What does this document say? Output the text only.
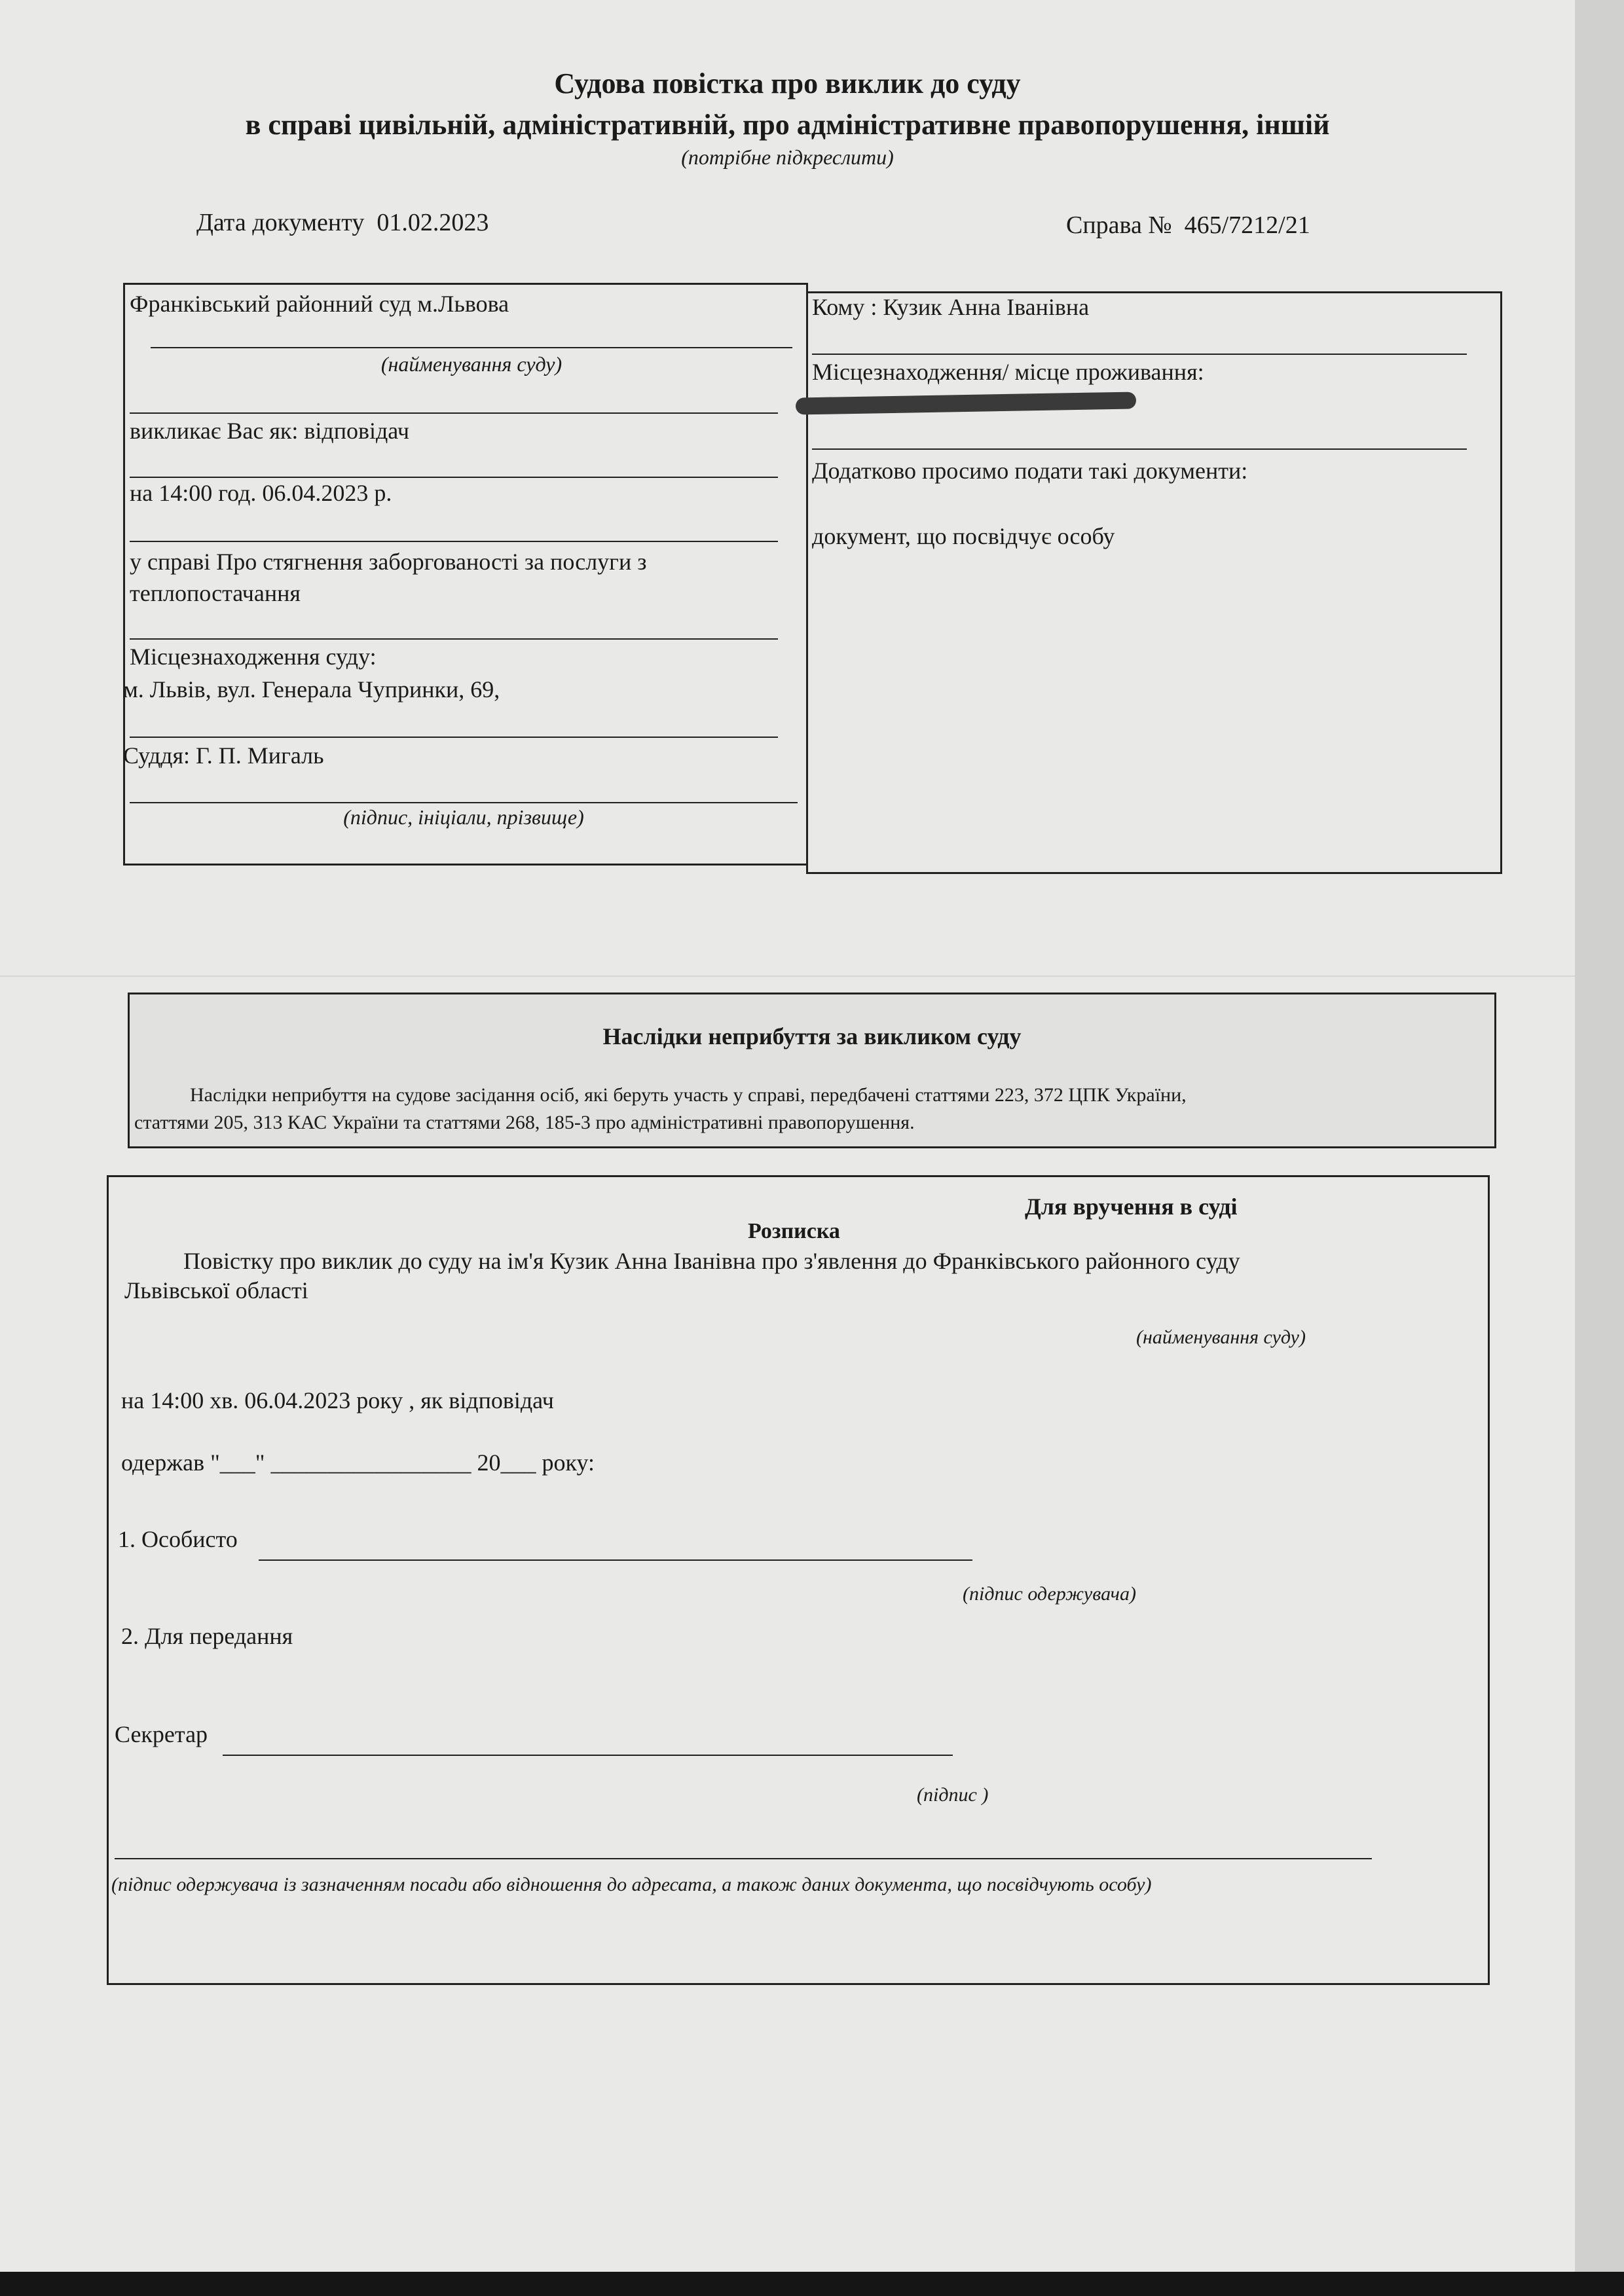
Судова повістка про виклик до суду
в справі цивільній, адміністративній, про адміністративне правопорушення, іншій
(потрібне підкреслити)
Дата документу 01.02.2023	Справа № 465/7212/21
Франківський районний суд м.Львова
(найменування суду)
викликає Вас як: відповідач
на 14:00 год. 06.04.2023 р.
у справі Про стягнення заборгованості за послуги з теплопостачання
Місцезнаходження суду:
м. Львів, вул. Генерала Чупринки, 69,
Суддя: Г. П. Мигаль
(підпис, ініціали, прізвище)
Кому : Кузик Анна Іванівна
Місцезнаходження/ місце проживання:
Додатково просимо подати такі документи:
документ, що посвідчує особу
Наслідки неприбуття за викликом суду
Наслідки неприбуття на судове засідання осіб, які беруть участь у справі, передбачені статтями 223, 372 ЦПК України,
статтями 205, 313 КАС України та статтями 268, 185-3 про адміністративні правопорушення.
Для вручення в суді
Розписка
Повістку про виклик до суду на ім'я Кузик Анна Іванівна про з'явлення до Франківського районного суду
Львівської області
(найменування суду)
на 14:00 хв. 06.04.2023 року , як відповідач
одержав "___" _________________ 20___ року:
1. Особисто
(підпис одержувача)
2. Для передання
Секретар
(підпис )
(підпис одержувача із зазначенням посади або відношення до адресата, а також даних документа, що посвідчують особу)
